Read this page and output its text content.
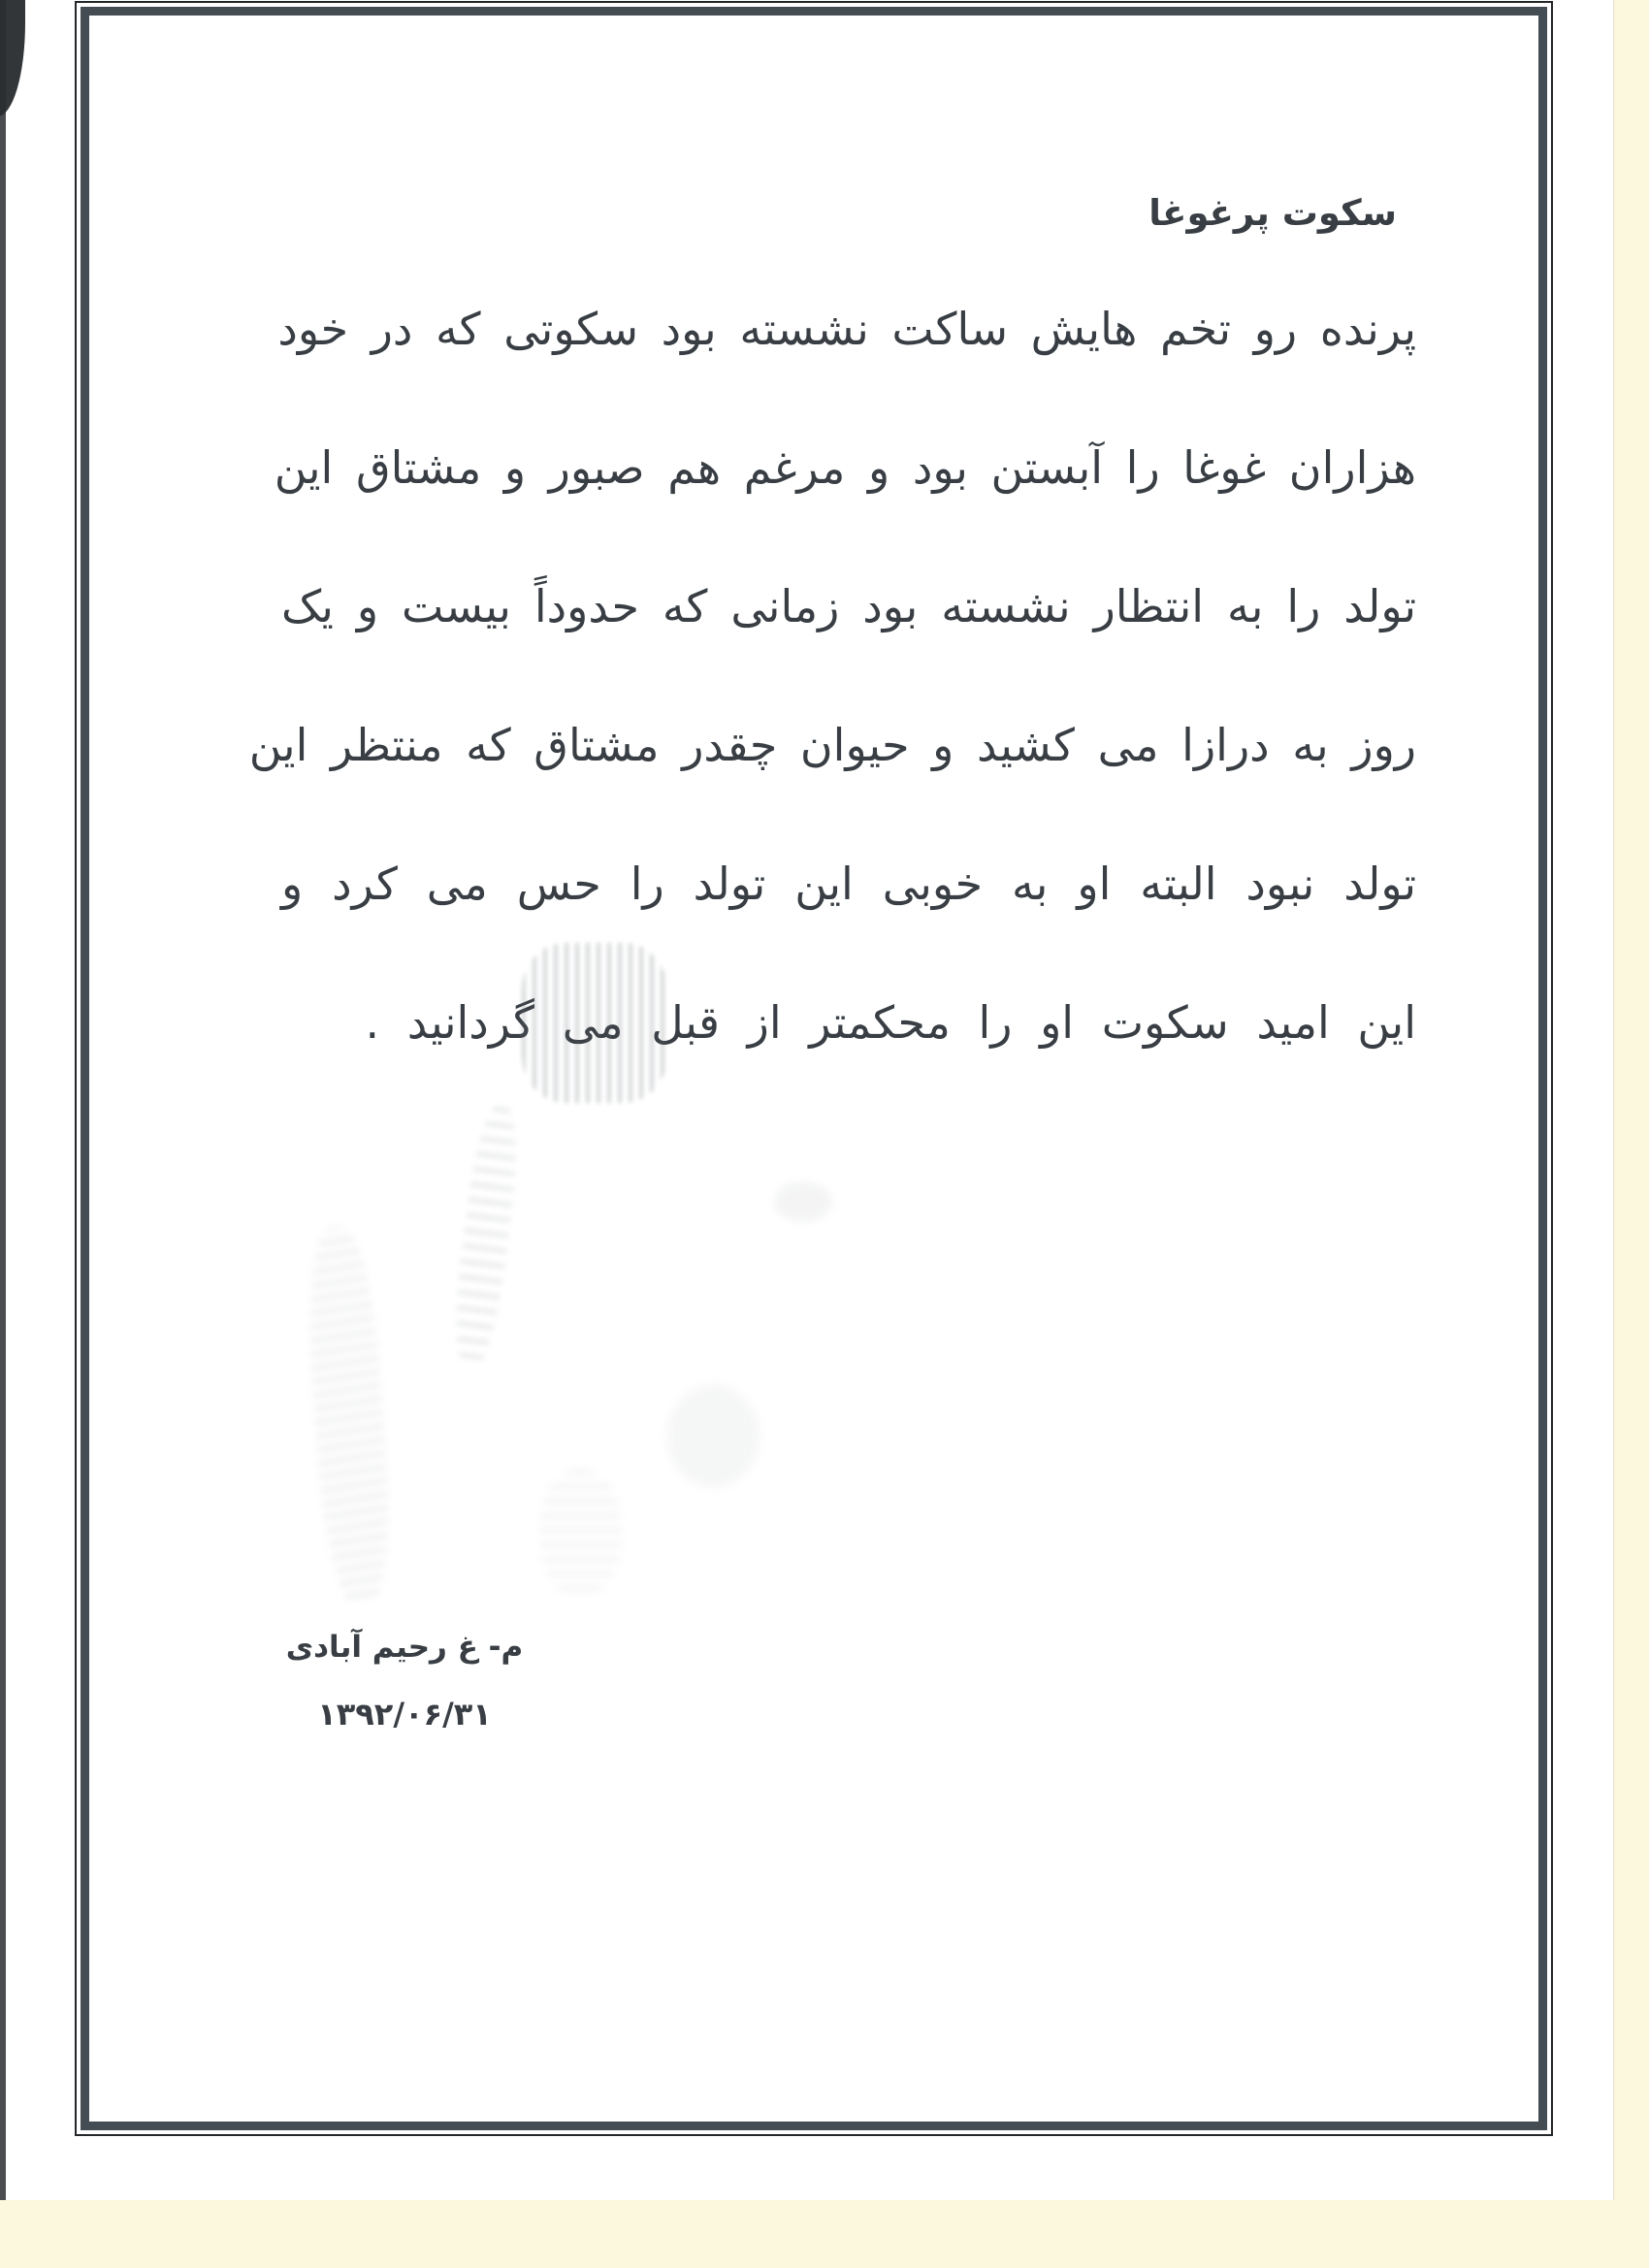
سکوت پرغوغا
پرنده رو تخم هایش ساکت نشسته بود سکوتی که در خود
هزاران غوغا را آبستن بود و مرغم هم صبور و مشتاق این
تولد را به انتظار نشسته بود زمانی که حدوداً بیست و یک
روز به درازا می کشید و حیوان چقدر مشتاق که منتظر این
تولد نبود البته او به خوبی این تولد را حس می کرد و
این امید سکوت او را محکمتر از قبل می گردانید .
م- غ رحیم آبادی
۱۳۹۲/۰۶/۳۱
